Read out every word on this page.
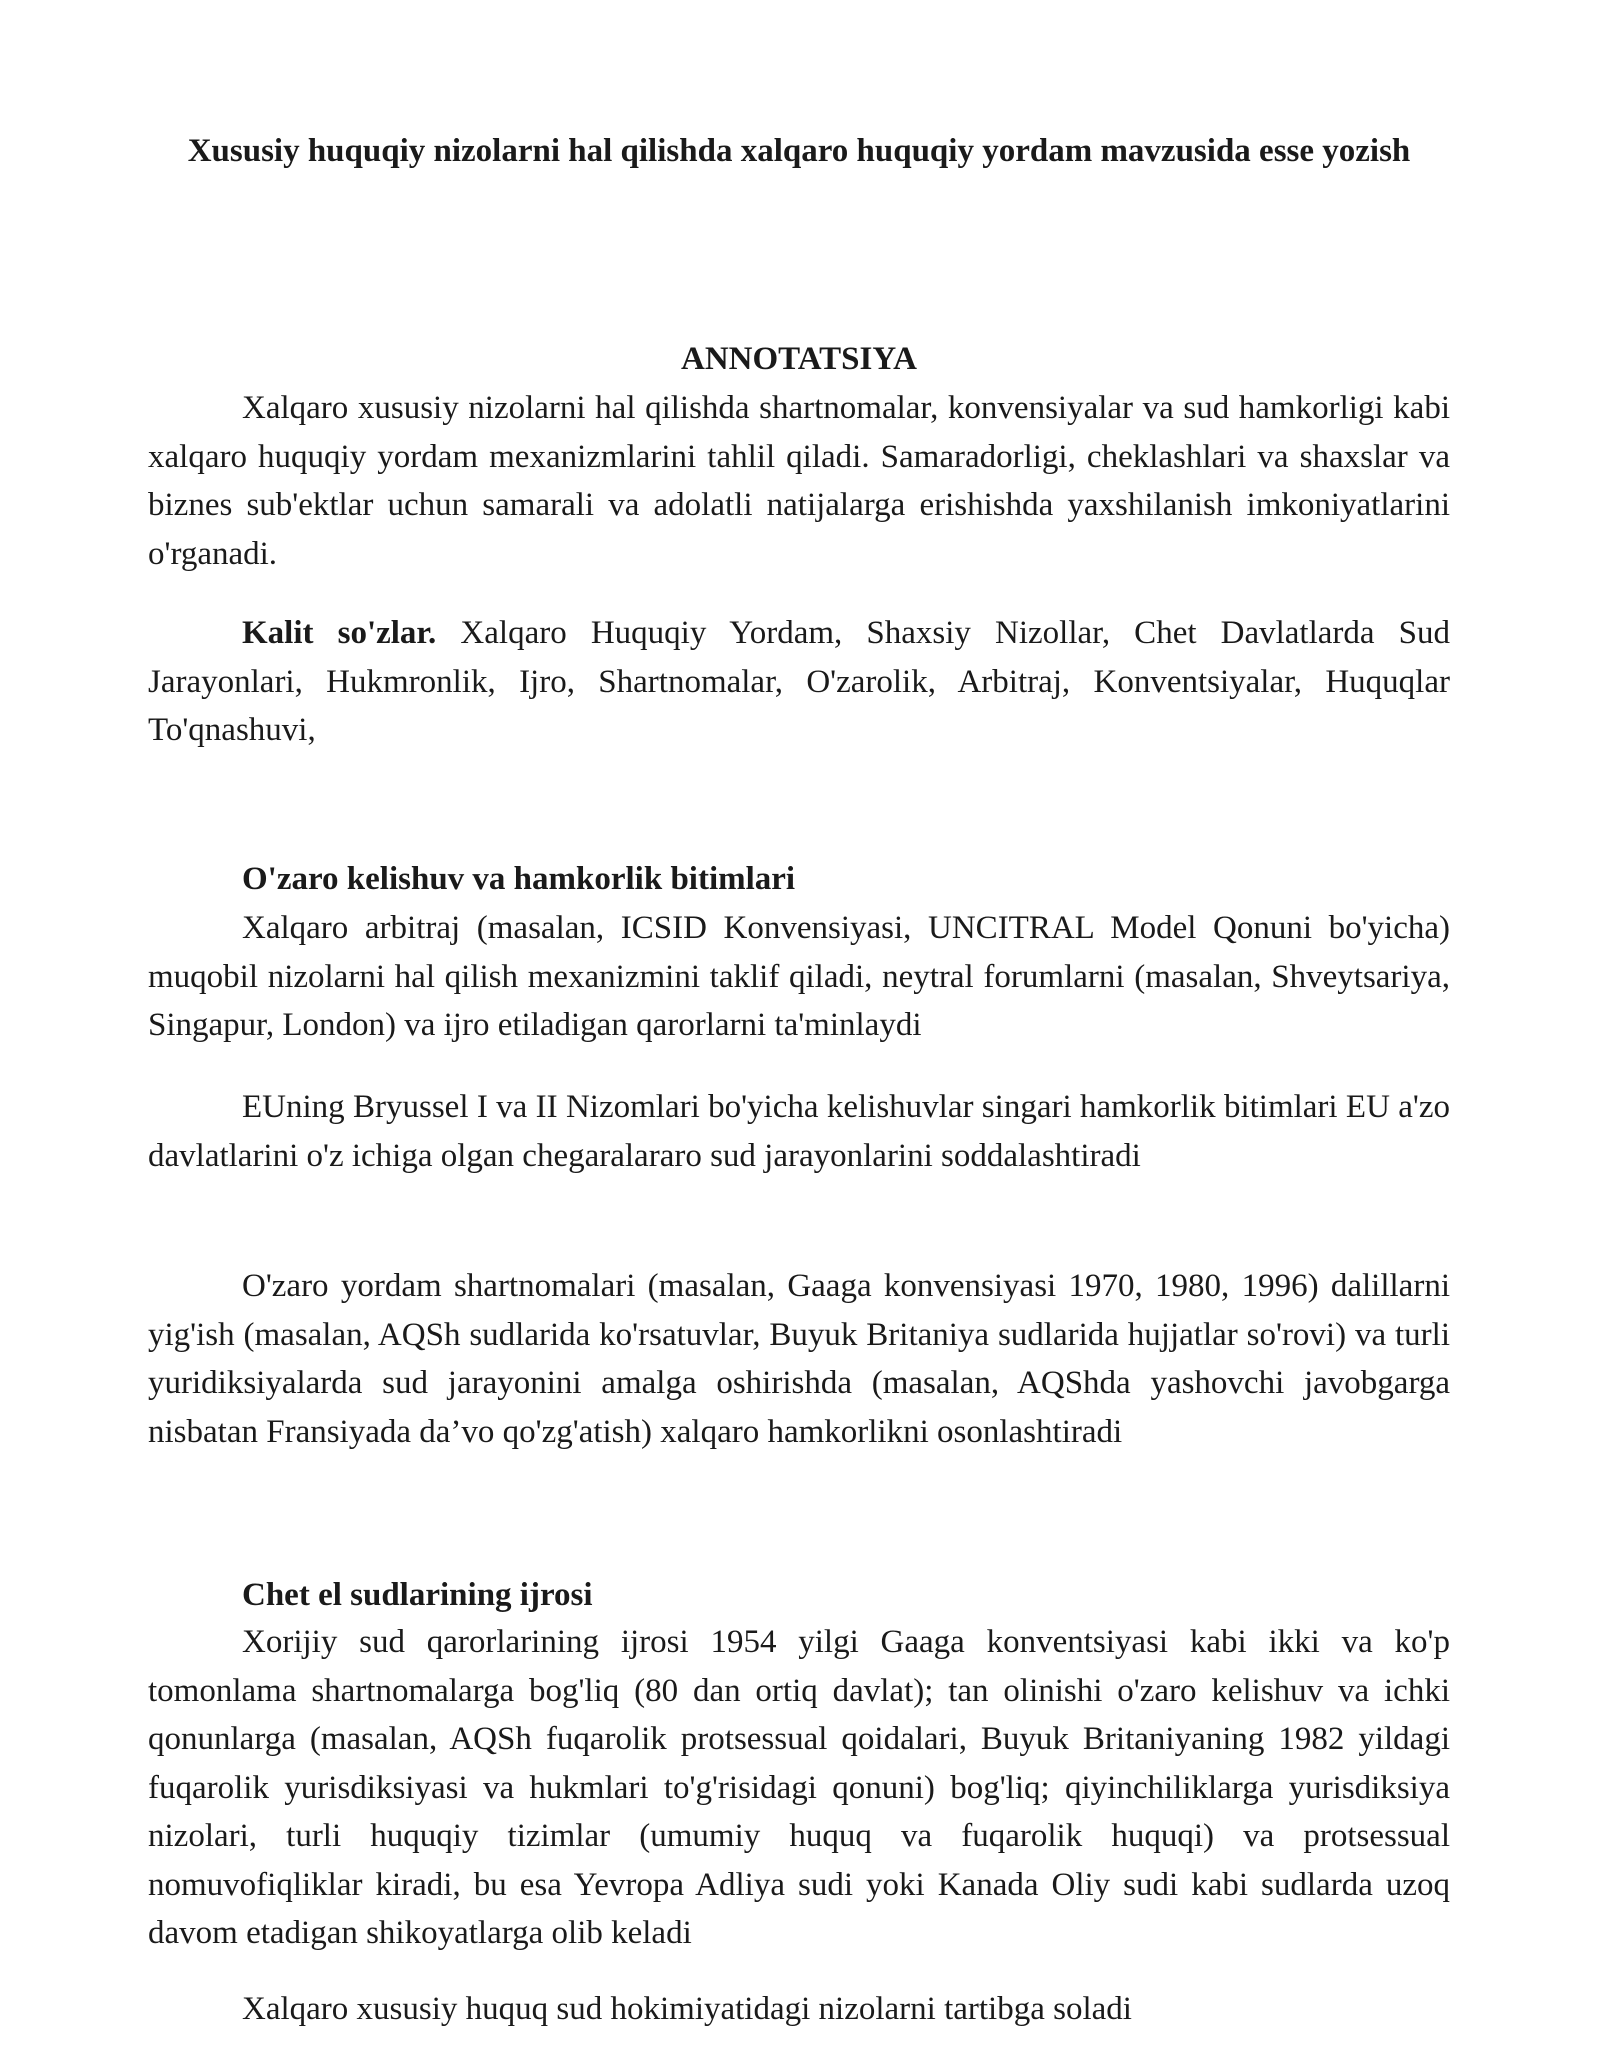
Xususiy huquqiy nizolarni hal qilishda xalqaro huquqiy yordam mavzusida esse yozish
ANNOTATSIYA

Xalqaro xususiy nizolarni hal qilishda shartnomalar, konvensiyalar va sud hamkorligi kabi xalqaro huquqiy yordam mexanizmlarini tahlil qiladi. Samaradorligi, cheklashlari va shaxslar va biznes sub'ektlar uchun samarali va adolatli natijalarga erishishda yaxshilanish imkoniyatlarini o'rganadi.

Kalit so'zlar. Xalqaro Huquqiy Yordam, Shaxsiy Nizollar, Chet Davlatlarda Sud Jarayonlari, Hukmronlik, Ijro, Shartnomalar, O'zarolik, Arbitraj, Konventsiyalar, Huquqlar To'qnashuvi,

O'zaro kelishuv va hamkorlik bitimlari

Xalqaro arbitraj (masalan, ICSID Konvensiyasi, UNCITRAL Model Qonuni bo'yicha) muqobil nizolarni hal qilish mexanizmini taklif qiladi, neytral forumlarni (masalan, Shveytsariya, Singapur, London) va ijro etiladigan qarorlarni ta'minlaydi

EUning Bryussel I va II Nizomlari bo'yicha kelishuvlar singari hamkorlik bitimlari EU a'zo davlatlarini o'z ichiga olgan chegaralararo sud jarayonlarini soddalashtiradi

O'zaro yordam shartnomalari (masalan, Gaaga konvensiyasi 1970, 1980, 1996) dalillarni yig'ish (masalan, AQSh sudlarida ko'rsatuvlar, Buyuk Britaniya sudlarida hujjatlar so'rovi) va turli yuridiksiyalarda sud jarayonini amalga oshirishda (masalan, AQShda yashovchi javobgarga nisbatan Fransiyada da’vo qo'zg'atish) xalqaro hamkorlikni osonlashtiradi

Chet el sudlarining ijrosi

Xorijiy sud qarorlarining ijrosi 1954 yilgi Gaaga konventsiyasi kabi ikki va ko'p tomonlama shartnomalarga bog'liq (80 dan ortiq davlat); tan olinishi o'zaro kelishuv va ichki qonunlarga (masalan, AQSh fuqarolik protsessual qoidalari, Buyuk Britaniyaning 1982 yildagi fuqarolik yurisdiksiyasi va hukmlari to'g'risidagi qonuni) bog'liq; qiyinchiliklarga yurisdiksiya nizolari, turli huquqiy tizimlar (umumiy huquq va fuqarolik huquqi) va protsessual nomuvofiqliklar kiradi, bu esa Yevropa Adliya sudi yoki Kanada Oliy sudi kabi sudlarda uzoq davom etadigan shikoyatlarga olib keladi

Xalqaro xususiy huquq sud hokimiyatidagi nizolarni tartibga soladi
